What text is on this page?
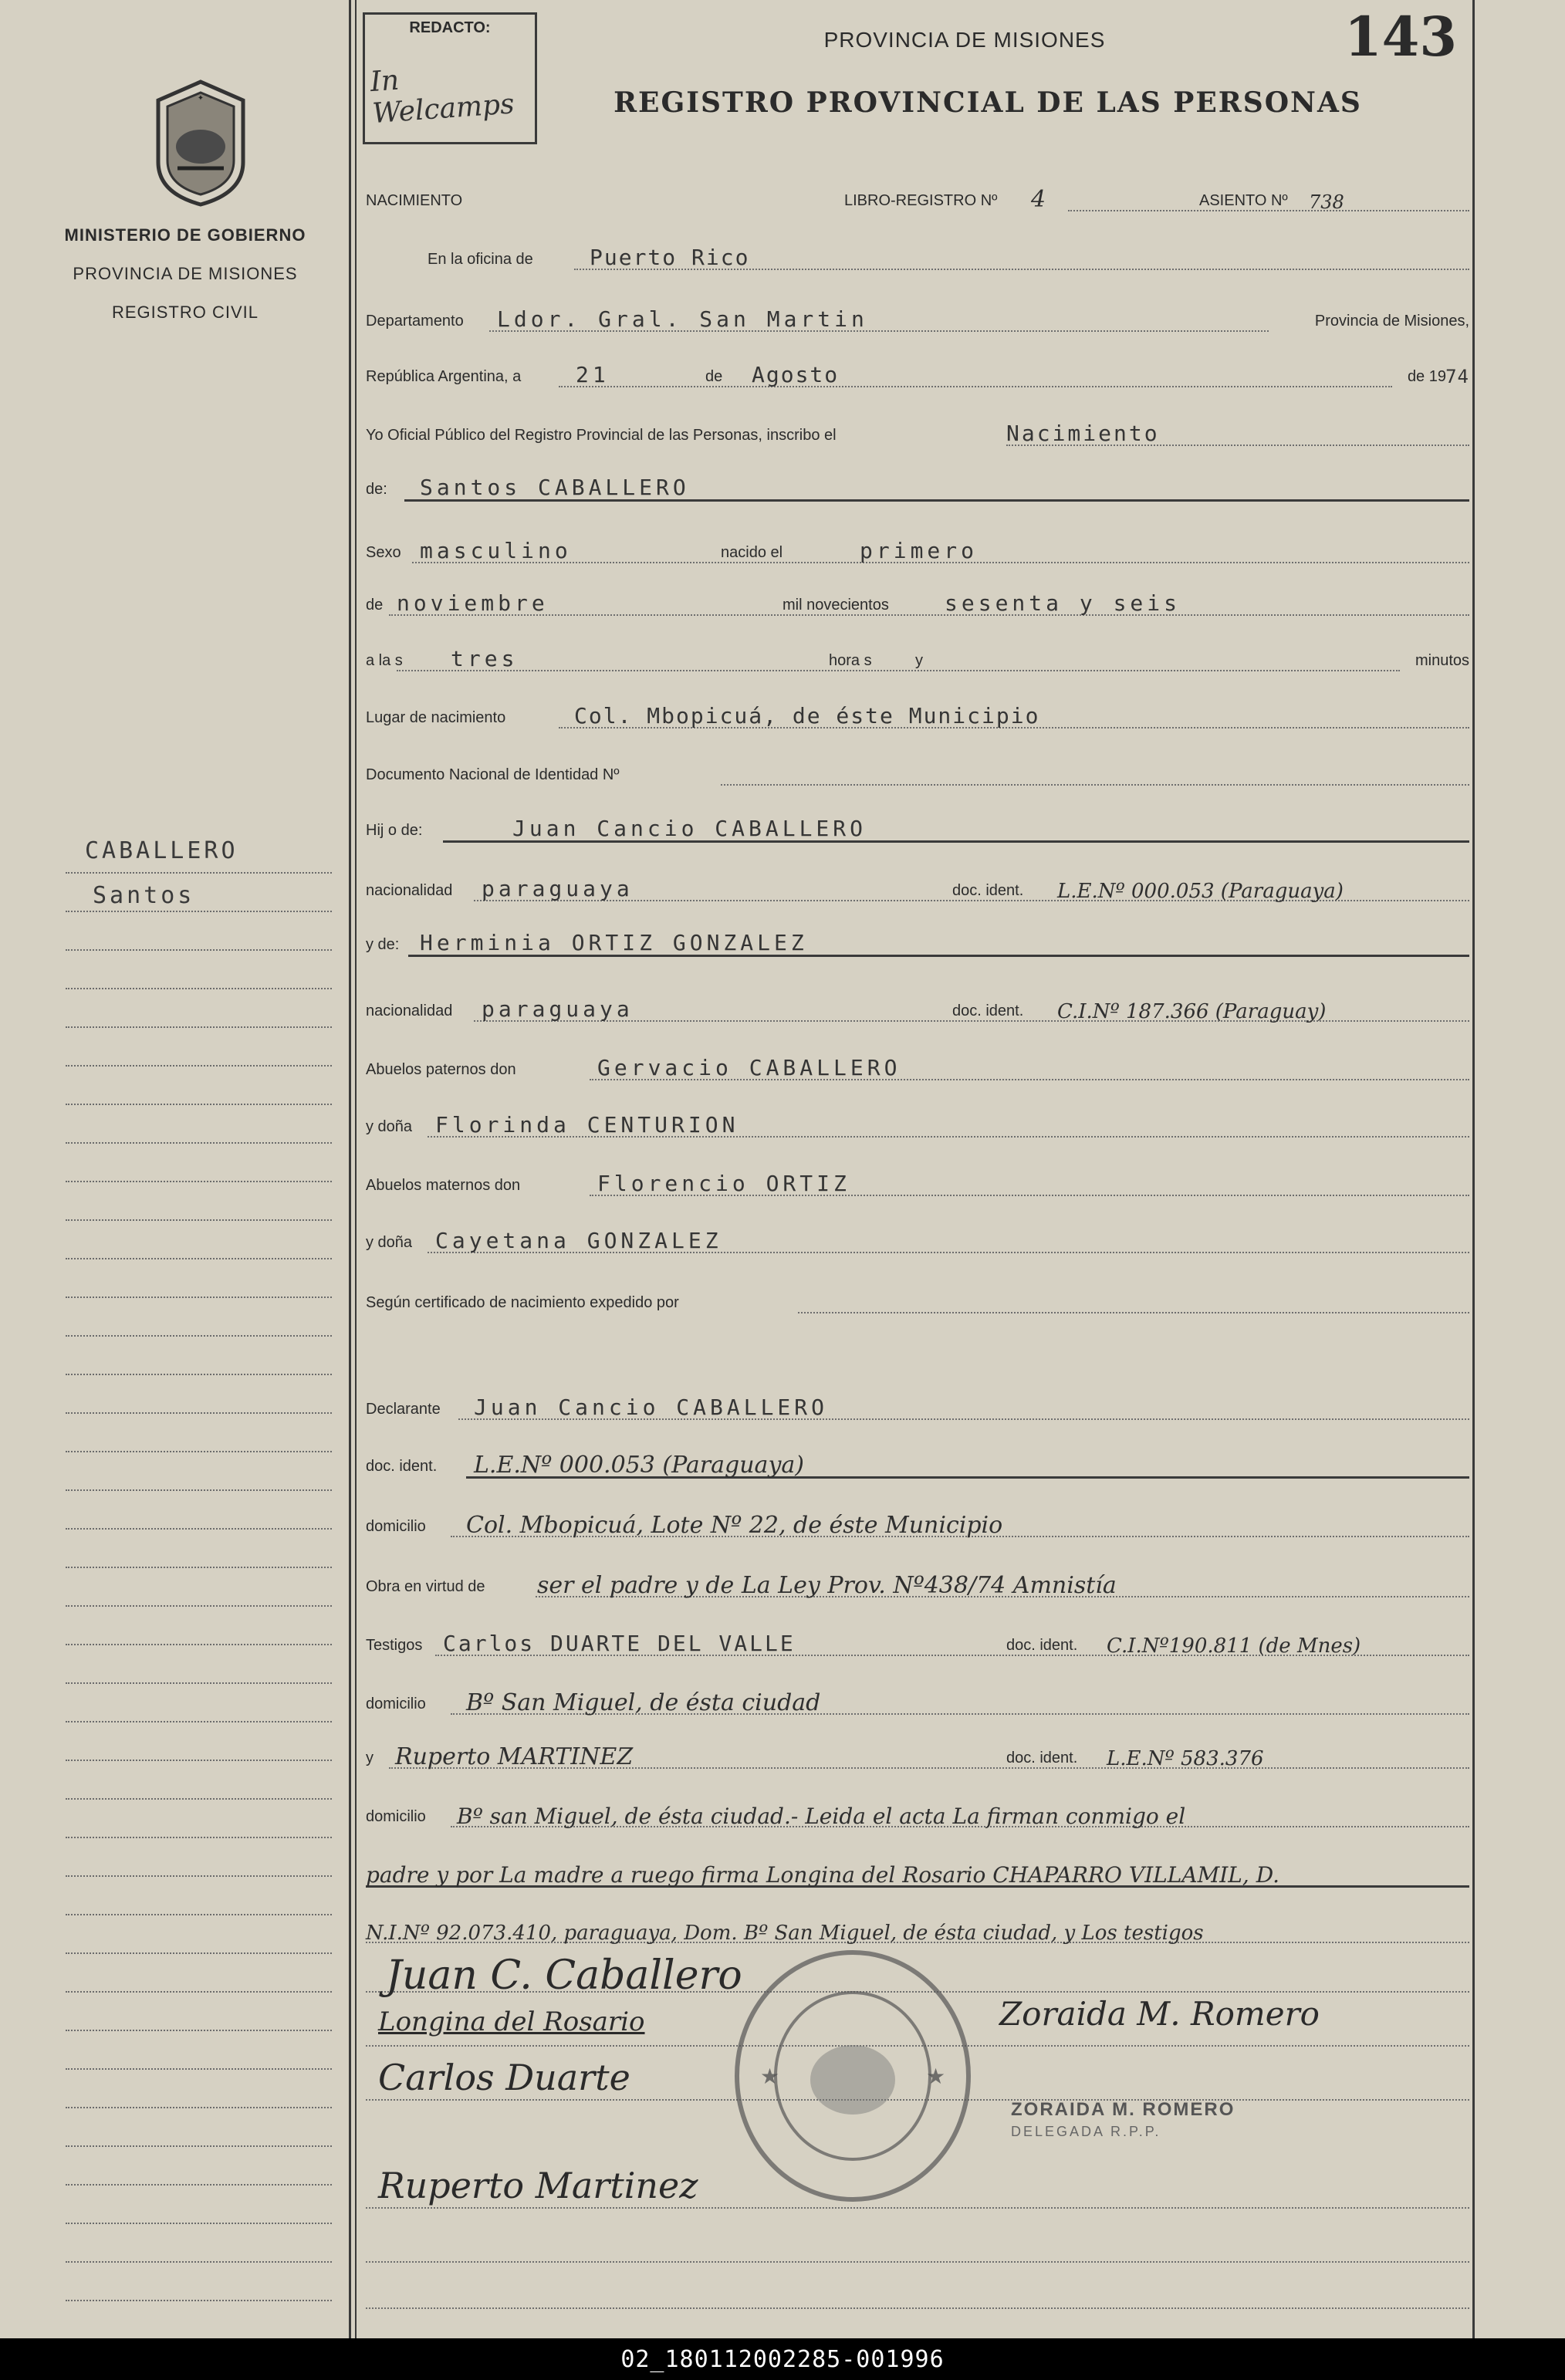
✦
MINISTERIO DE GOBIERNO
PROVINCIA DE MISIONES
REGISTRO CIVIL
CABALLERO
Santos
REDACTO:
In Welcamps
PROVINCIA DE MISIONES
REGISTRO PROVINCIAL DE LAS PERSONAS
143
NACIMIENTO	LIBRO-REGISTRO Nº 4	ASIENTO Nº 738
En la oficina de	Puerto Rico
Departamento Ldor. Gral. San Martin	Provincia de Misiones,
República Argentina, a	21	de Agosto	de 19 74
Yo Oficial Público del Registro Provincial de las Personas, inscribo el	Nacimiento
de: Santos CABALLERO
Sexo masculino	nacido el	primero
de noviembre	mil novecientos	sesenta y seis
a la s tres	hora s	y	minutos
Lugar de nacimiento	Col. Mbopicuá, de éste Municipio
Documento Nacional de Identidad Nº
Hij o de:	Juan Cancio CABALLERO
nacionalidad paraguaya	doc. ident. L.E.Nº 000.053 (Paraguaya)
y de: Herminia ORTIZ GONZALEZ
nacionalidad paraguaya	doc. ident. C.I.Nº 187.366 (Paraguay)
Abuelos paternos don	Gervacio CABALLERO
y doña Florinda CENTURION
Abuelos maternos don	Florencio ORTIZ
y doña Cayetana GONZALEZ
Según certificado de nacimiento expedido por
Declarante Juan Cancio CABALLERO
doc. ident. L.E.Nº 000.053 (Paraguaya)
domicilio Col. Mbopicuá, Lote Nº 22, de éste Municipio
Obra en virtud de ser el padre y de La Ley Prov. Nº438/74 Amnistía
Testigos Carlos DUARTE DEL VALLE	doc. ident. C.I.Nº190.811 (de Mnes)
domicilio Bº San Miguel, de ésta ciudad
y Ruperto MARTINEZ	doc. ident. L.E.Nº 583.376
domicilio Bº san Miguel, de ésta ciudad.- Leida el acta La firman conmigo el
padre y por La madre a ruego firma Longina del Rosario CHAPARRO VILLAMIL, D.
N.I.Nº 92.073.410, paraguaya, Dom. Bº San Miguel, de ésta ciudad, y Los testigos
Juan C. Caballero
Longina del Rosario
Carlos Duarte
Ruperto Martinez
Zoraida M. Romero
ZORAIDA M. ROMERO
DELEGADA R.P.P.
★	★
02_180112002285-001996
